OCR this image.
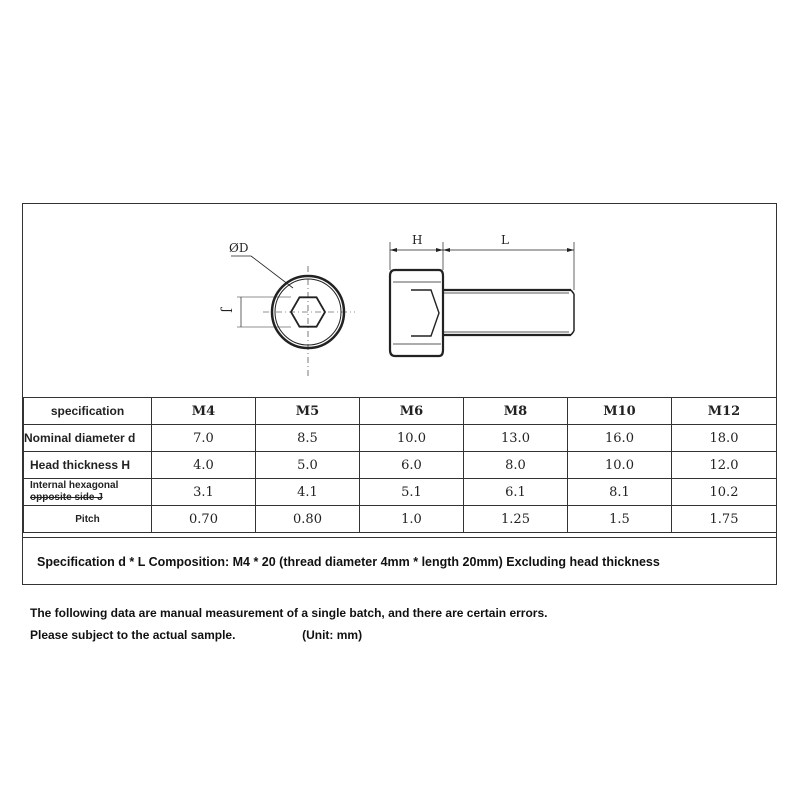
ØD
J
H	L
specification	M4	M5	M6	M8	M10	M12
Nominal diameter d	7.0	8.5	10.0	13.0	16.0	18.0
Head thickness H	4.0	5.0	6.0	8.0	10.0	12.0

Internal hexagonal
opposite side J	3.1	4.1	5.1	6.1	8.1	10.2
Pitch	0.70	0.80	1.0	1.25	1.5	1.75
Specification d * L Composition: M4 * 20 (thread diameter 4mm * length 20mm) Excluding head thickness
The following data are manual measurement of a single batch, and there are certain errors.
Please subject to the actual sample.	(Unit: mm)
